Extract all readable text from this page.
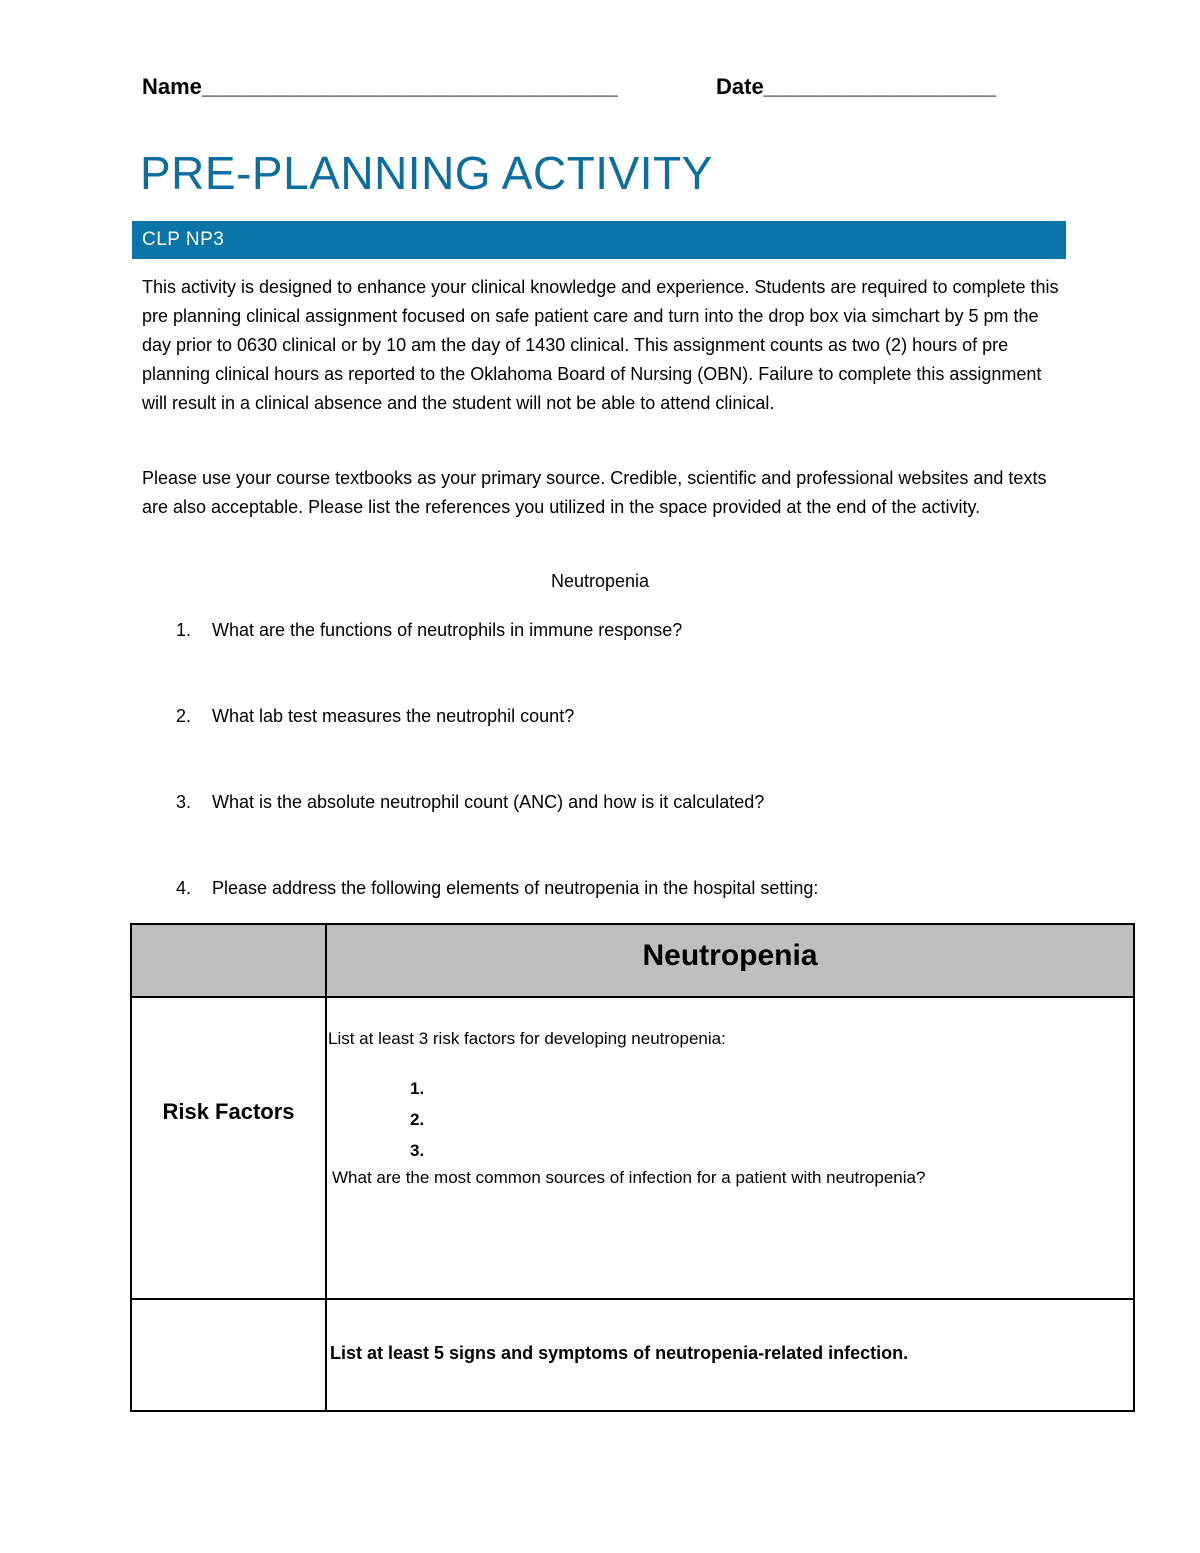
Name__________________________________	Date___________________
PRE-PLANNING ACTIVITY
CLP NP3
This activity is designed to enhance your clinical knowledge and experience. Students are required to complete this pre planning clinical assignment focused on safe patient care and turn into the drop box via simchart by 5 pm the day prior to 0630 clinical or by 10 am the day of 1430 clinical. This assignment counts as two (2) hours of pre planning clinical hours as reported to the Oklahoma Board of Nursing (OBN). Failure to complete this assignment will result in a clinical absence and the student will not be able to attend clinical.
Please use your course textbooks as your primary source. Credible, scientific and professional websites and texts are also acceptable. Please list the references you utilized in the space provided at the end of the activity.
Neutropenia
1. What are the functions of neutrophils in immune response?
2. What lab test measures the neutrophil count?
3. What is the absolute neutrophil count (ANC) and how is it calculated?
4. Please address the following elements of neutropenia in the hospital setting:
Neutropenia
Risk Factors
List at least 3 risk factors for developing neutropenia:
1.
2.
3.
What are the most common sources of infection for a patient with neutropenia?
List at least 5 signs and symptoms of neutropenia-related infection.
